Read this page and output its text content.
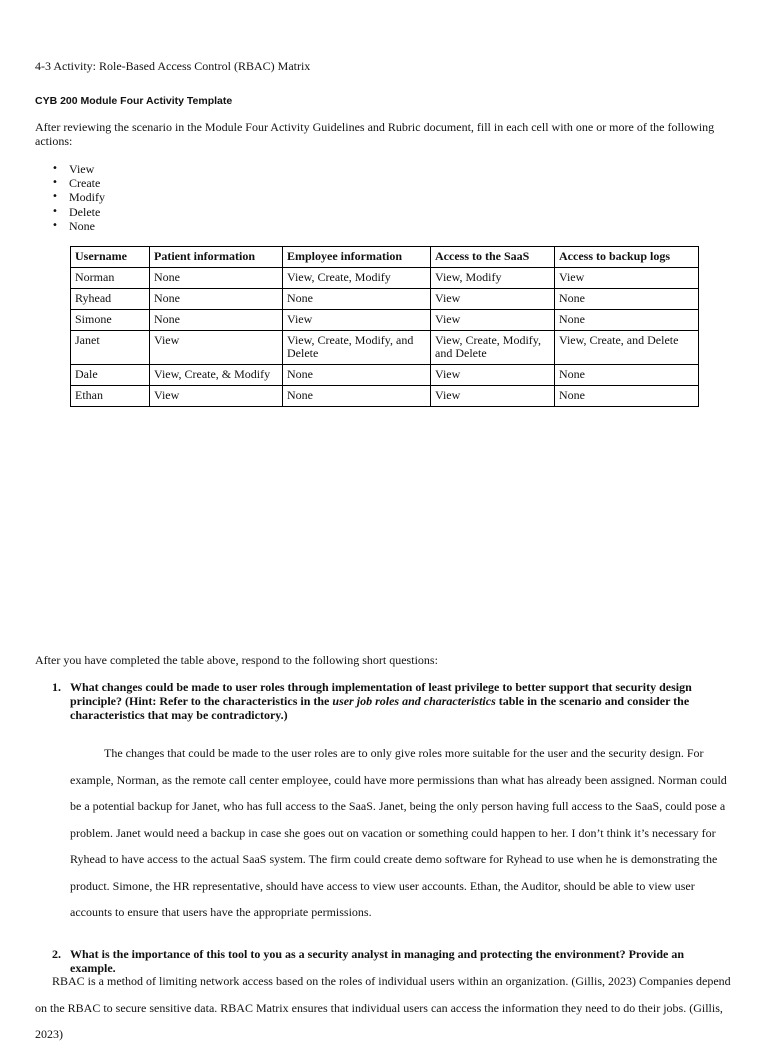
4-3 Activity: Role-Based Access Control (RBAC) Matrix
CYB 200 Module Four Activity Template
After reviewing the scenario in the Module Four Activity Guidelines and Rubric document, fill in each cell with one or more of the following actions:
• View
• Create
• Modify
• Delete
• None
Username	Patient information	Employee information	Access to the SaaS	Access to backup logs
Norman	None	View, Create, Modify	View, Modify	View
Ryhead	None	None	View	None
Simone	None	View	View	None
Janet	View	View, Create, Modify, and Delete	View, Create, Modify, and Delete	View, Create, and Delete
Dale	View, Create, & Modify	None	View	None
Ethan	View	None	View	None
After you have completed the table above, respond to the following short questions:
1. What changes could be made to user roles through implementation of least privilege to better support that security design principle? (Hint: Refer to the characteristics in the user job roles and characteristics table in the scenario and consider the characteristics that may be contradictory.)
The changes that could be made to the user roles are to only give roles more suitable for the user and the security design. For example, Norman, as the remote call center employee, could have more permissions than what has already been assigned. Norman could be a potential backup for Janet, who has full access to the SaaS. Janet, being the only person having full access to the SaaS, could pose a problem. Janet would need a backup in case she goes out on vacation or something could happen to her. I don’t think it’s necessary for Ryhead to have access to the actual SaaS system. The firm could create demo software for Ryhead to use when he is demonstrating the product. Simone, the HR representative, should have access to view user accounts. Ethan, the Auditor, should be able to view user accounts to ensure that users have the appropriate permissions.
2. What is the importance of this tool to you as a security analyst in managing and protecting the environment? Provide an example.
RBAC is a method of limiting network access based on the roles of individual users within an organization. (Gillis, 2023) Companies depend on the RBAC to secure sensitive data. RBAC Matrix ensures that individual users can access the information they need to do their jobs. (Gillis, 2023)
